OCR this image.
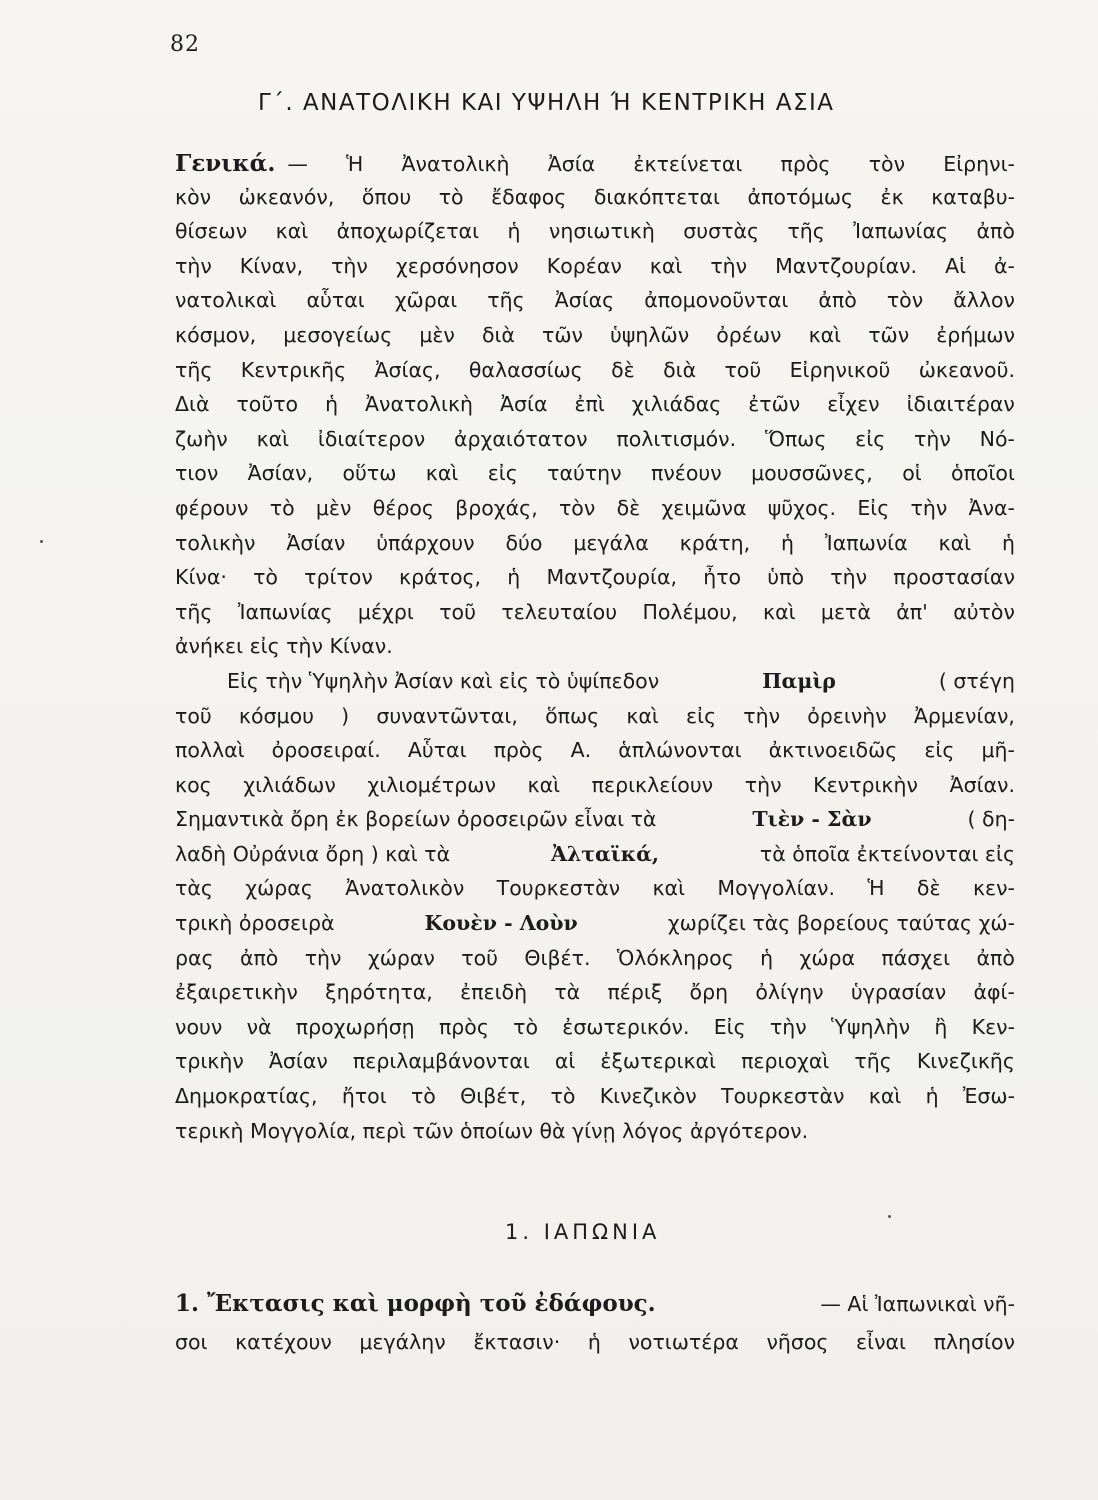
82
Γ΄. ΑΝΑΤΟΛΙΚΗ ΚΑΙ ΥΨΗΛΗ Ή ΚΕΝΤΡΙΚΗ ΑΣΙΑ
Γενικά. — Ἡ Ἀνατολικὴ Ἀσία ἐκτείνεται πρὸς τὸν Εἰρηνι-
κὸν ὠκεανόν, ὅπου τὸ ἔδαφος διακόπτεται ἀποτόμως ἐκ καταβυ-
θίσεων καὶ ἀποχωρίζεται ἡ νησιωτικὴ συστὰς τῆς Ἰαπωνίας ἀπὸ
τὴν Κίναν, τὴν χερσόνησον Κορέαν καὶ τὴν Μαντζουρίαν. Αἱ ἀ-
νατολικαὶ αὗται χῶραι τῆς Ἀσίας ἀπομονοῦνται ἀπὸ τὸν ἄλλον
κόσμον, μεσογείως μὲν διὰ τῶν ὑψηλῶν ὀρέων καὶ τῶν ἐρήμων
τῆς Κεντρικῆς Ἀσίας, θαλασσίως δὲ διὰ τοῦ Εἰρηνικοῦ ὠκεανοῦ.
Διὰ τοῦτο ἡ Ἀνατολικὴ Ἀσία ἐπὶ χιλιάδας ἐτῶν εἶχεν ἰδιαιτέραν
ζωὴν καὶ ἰδιαίτερον ἀρχαιότατον πολιτισμόν. Ὅπως εἰς τὴν Νό-
τιον Ἀσίαν, οὕτω καὶ εἰς ταύτην πνέουν μουσσῶνες, οἱ ὁποῖοι
φέρουν τὸ μὲν θέρος βροχάς, τὸν δὲ χειμῶνα ψῦχος. Εἰς τὴν Ἀνα-
τολικὴν Ἀσίαν ὑπάρχουν δύο μεγάλα κράτη, ἡ Ἰαπωνία καὶ ἡ
Κίνα· τὸ τρίτον κράτος, ἡ Μαντζουρία, ἦτο ὑπὸ τὴν προστασίαν
τῆς Ἰαπωνίας μέχρι τοῦ τελευταίου Πολέμου, καὶ μετὰ ἀπ' αὐτὸν
ἀνήκει εἰς τὴν Κίναν.
Εἰς τὴν Ὑψηλὴν Ἀσίαν καὶ εἰς τὸ ὑψίπεδον	Παμὶρ	( στέγη
τοῦ κόσμου ) συναντῶνται, ὅπως καὶ εἰς τὴν ὀρεινὴν Ἀρμενίαν,
πολλαὶ ὀροσειραί. Αὗται πρὸς Α. ἁπλώνονται ἀκτινοειδῶς εἰς μῆ-
κος χιλιάδων χιλιομέτρων καὶ περικλείουν τὴν Κεντρικὴν Ἀσίαν.
Σημαντικὰ ὄρη ἐκ βορείων ὀροσειρῶν εἶναι τὰ	Τιὲν - Σὰν	( δη-
λαδὴ Οὐράνια ὄρη ) καὶ τὰ	Ἀλταϊκά,	τὰ ὁποῖα ἐκτείνονται εἰς
τὰς χώρας Ἀνατολικὸν Τουρκεστὰν καὶ Μογγολίαν. Ἡ δὲ κεν-
τρικὴ ὀροσειρὰ	Κουὲν - Λοὺν	χωρίζει τὰς βορείους ταύτας χώ-
ρας ἀπὸ τὴν χώραν τοῦ Θιβέτ. Ὁλόκληρος ἡ χώρα πάσχει ἀπὸ
ἐξαιρετικὴν ξηρότητα, ἐπειδὴ τὰ πέριξ ὄρη ὀλίγην ὑγρασίαν ἀφί-
νουν νὰ προχωρήσῃ πρὸς τὸ ἐσωτερικόν. Εἰς τὴν Ὑψηλὴν ἢ Κεν-
τρικὴν Ἀσίαν περιλαμβάνονται αἱ ἐξωτερικαὶ περιοχαὶ τῆς Κινεζικῆς
Δημοκρατίας, ἤτοι τὸ Θιβέτ, τὸ Κινεζικὸν Τουρκεστὰν καὶ ἡ Ἐσω-
τερικὴ Μογγολία, περὶ τῶν ὁποίων θὰ γίνῃ λόγος ἀργότερον.
1. ΙΑΠΩΝΙΑ
1. Ἔκτασις καὶ μορφὴ τοῦ ἐδάφους.	— Αἱ Ἰαπωνικαὶ νῆ-
σοι κατέχουν μεγάλην ἔκτασιν· ἡ νοτιωτέρα νῆσος εἶναι πλησίον
